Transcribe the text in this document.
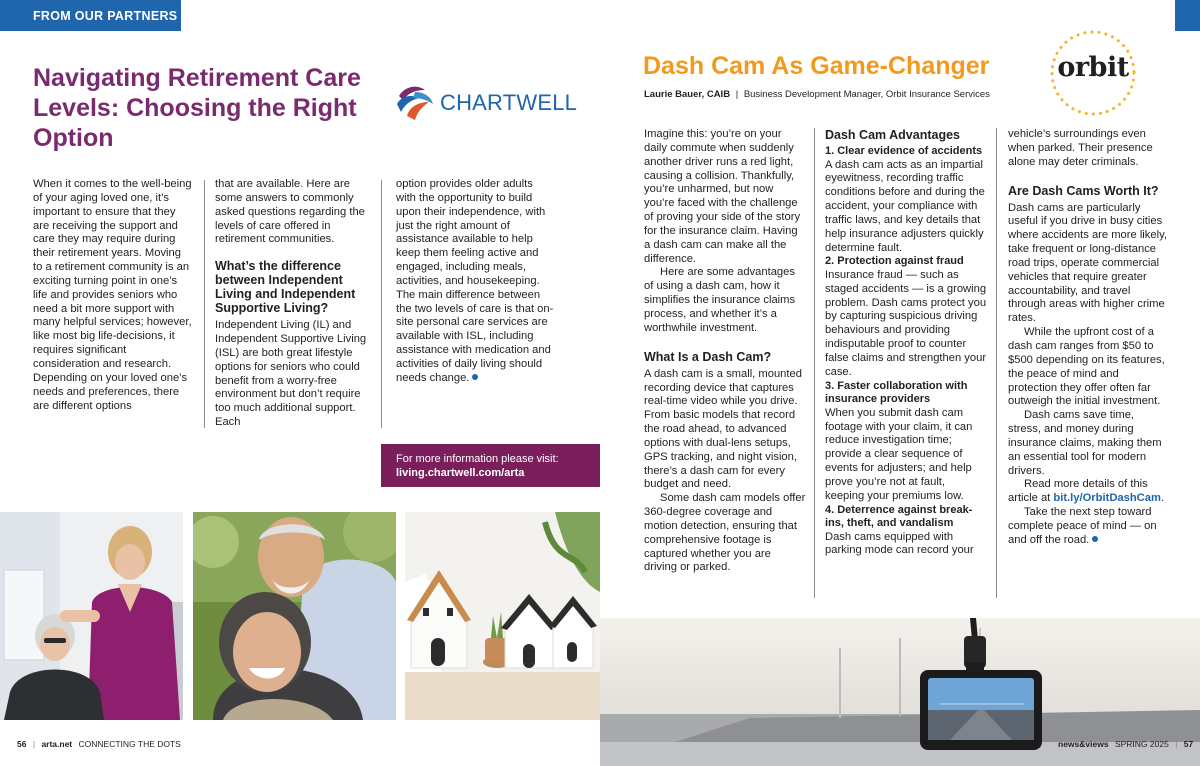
FROM OUR PARTNERS
Navigating Retirement Care Levels: Choosing the Right Option
CHARTWELL

When it comes to the well-being of your aging loved one, it’s important to ensure that they are receiving the support and care they may require during their retirement years. Moving to a retirement community is an exciting turning point in one’s life and provides seniors who need a bit more support with many helpful services; however, like most big life-decisions, it requires significant consideration and research. Depending on your loved one’s needs and preferences, there are different options

that are available. Here are some answers to commonly asked questions regarding the levels of care offered in retirement communities.

What’s the difference between Independent Living and Independent Supportive Living?

Independent Living (IL) and Independent Supportive Living (ISL) are both great lifestyle options for seniors who could benefit from a worry-free environment but don’t require too much additional support. Each

option provides older adults with the opportunity to build upon their independence, with just the right amount of assistance available to help keep them feeling active and engaged, including meals, activities, and housekeeping. The main difference between the two levels of care is that on-site personal care services are available with ISL, including assistance with medication and activities of daily living should needs change.

For more information please visit:
living.chartwell.com/arta
56 | arta.net CONNECTING THE DOTS
Dash Cam As Game-Changer
Laurie Bauer, CAIB | Business Development Manager, Orbit Insurance Services
orbit

Imagine this: you’re on your daily commute when suddenly another driver runs a red light, causing a collision. Thankfully, you’re unharmed, but now you’re faced with the challenge of proving your side of the story for the insurance claim. Having a dash cam can make all the difference.

Here are some advantages of using a dash cam, how it simplifies the insurance claims process, and whether it’s a worthwhile investment.

What Is a Dash Cam?

A dash cam is a small, mounted recording device that captures real-time video while you drive. From basic models that record the road ahead, to advanced options with dual-lens setups, GPS tracking, and night vision, there’s a dash cam for every budget and need.

Some dash cam models offer 360-degree coverage and motion detection, ensuring that comprehensive footage is captured whether you are driving or parked.

Dash Cam Advantages
1. Clear evidence of accidents

A dash cam acts as an impartial eyewitness, recording traffic conditions before and during the accident, your compliance with traffic laws, and key details that help insurance adjusters quickly determine fault.

2. Protection against fraud

Insurance fraud — such as staged accidents — is a growing problem. Dash cams protect you by capturing suspicious driving behaviours and providing indisputable proof to counter false claims and strengthen your case.

3. Faster collaboration with insurance providers

When you submit dash cam footage with your claim, it can reduce investigation time; provide a clear sequence of events for adjusters; and help prove you’re not at fault, keeping your premiums low.

4. Deterrence against break-ins, theft, and vandalism

Dash cams equipped with parking mode can record your

vehicle’s surroundings even when parked. Their presence alone may deter criminals.

Are Dash Cams Worth It?

Dash cams are particularly useful if you drive in busy cities where accidents are more likely, take frequent or long-distance road trips, operate commercial vehicles that require greater accountability, and travel through areas with higher crime rates.

While the upfront cost of a dash cam ranges from $50 to $500 depending on its features, the peace of mind and protection they offer often far outweigh the initial investment.

Dash cams save time, stress, and money during insurance claims, making them an essential tool for modern drivers.

Read more details of this article at bit.ly/OrbitDashCam.

Take the next step toward complete peace of mind — on and off the road.

news&views SPRING 2025 | 57
